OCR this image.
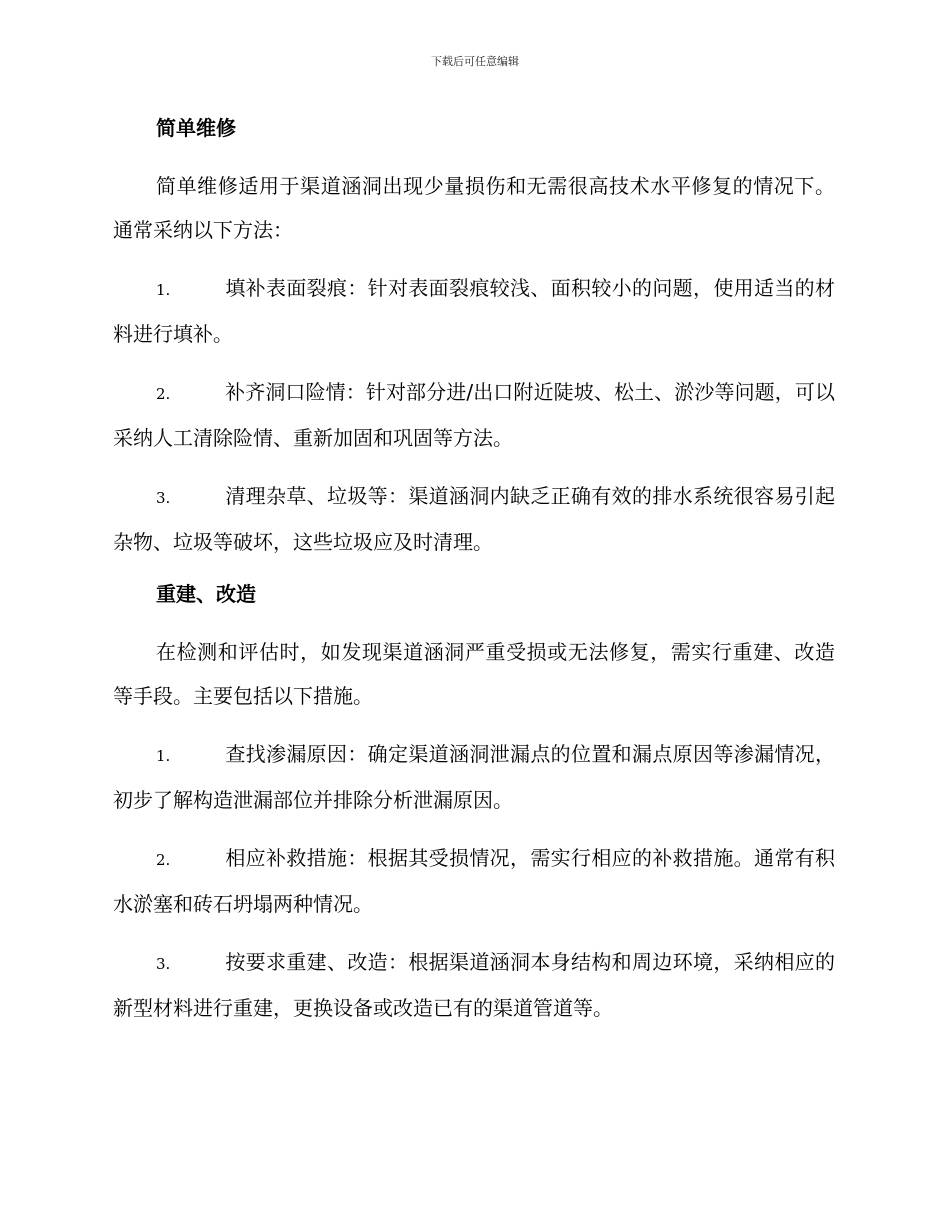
下载后可任意编辑
简单维修
简单维修适用于渠道涵洞出现少量损伤和无需很高技术水平修复的情况下。通常采纳以下方法：
1.	填补表面裂痕：针对表面裂痕较浅、面积较小的问题，使用适当的材料进行填补。
2.	补齐洞口险情：针对部分进/出口附近陡坡、松土、淤沙等问题，可以采纳人工清除险情、重新加固和巩固等方法。
3.	清理杂草、垃圾等：渠道涵洞内缺乏正确有效的排水系统很容易引起杂物、垃圾等破坏，这些垃圾应及时清理。
重建、改造
在检测和评估时，如发现渠道涵洞严重受损或无法修复，需实行重建、改造等手段。主要包括以下措施。
1.	查找渗漏原因：确定渠道涵洞泄漏点的位置和漏点原因等渗漏情况，初步了解构造泄漏部位并排除分析泄漏原因。
2.	相应补救措施：根据其受损情况，需实行相应的补救措施。通常有积水淤塞和砖石坍塌两种情况。
3.	按要求重建、改造：根据渠道涵洞本身结构和周边环境，采纳相应的新型材料进行重建，更换设备或改造已有的渠道管道等。
